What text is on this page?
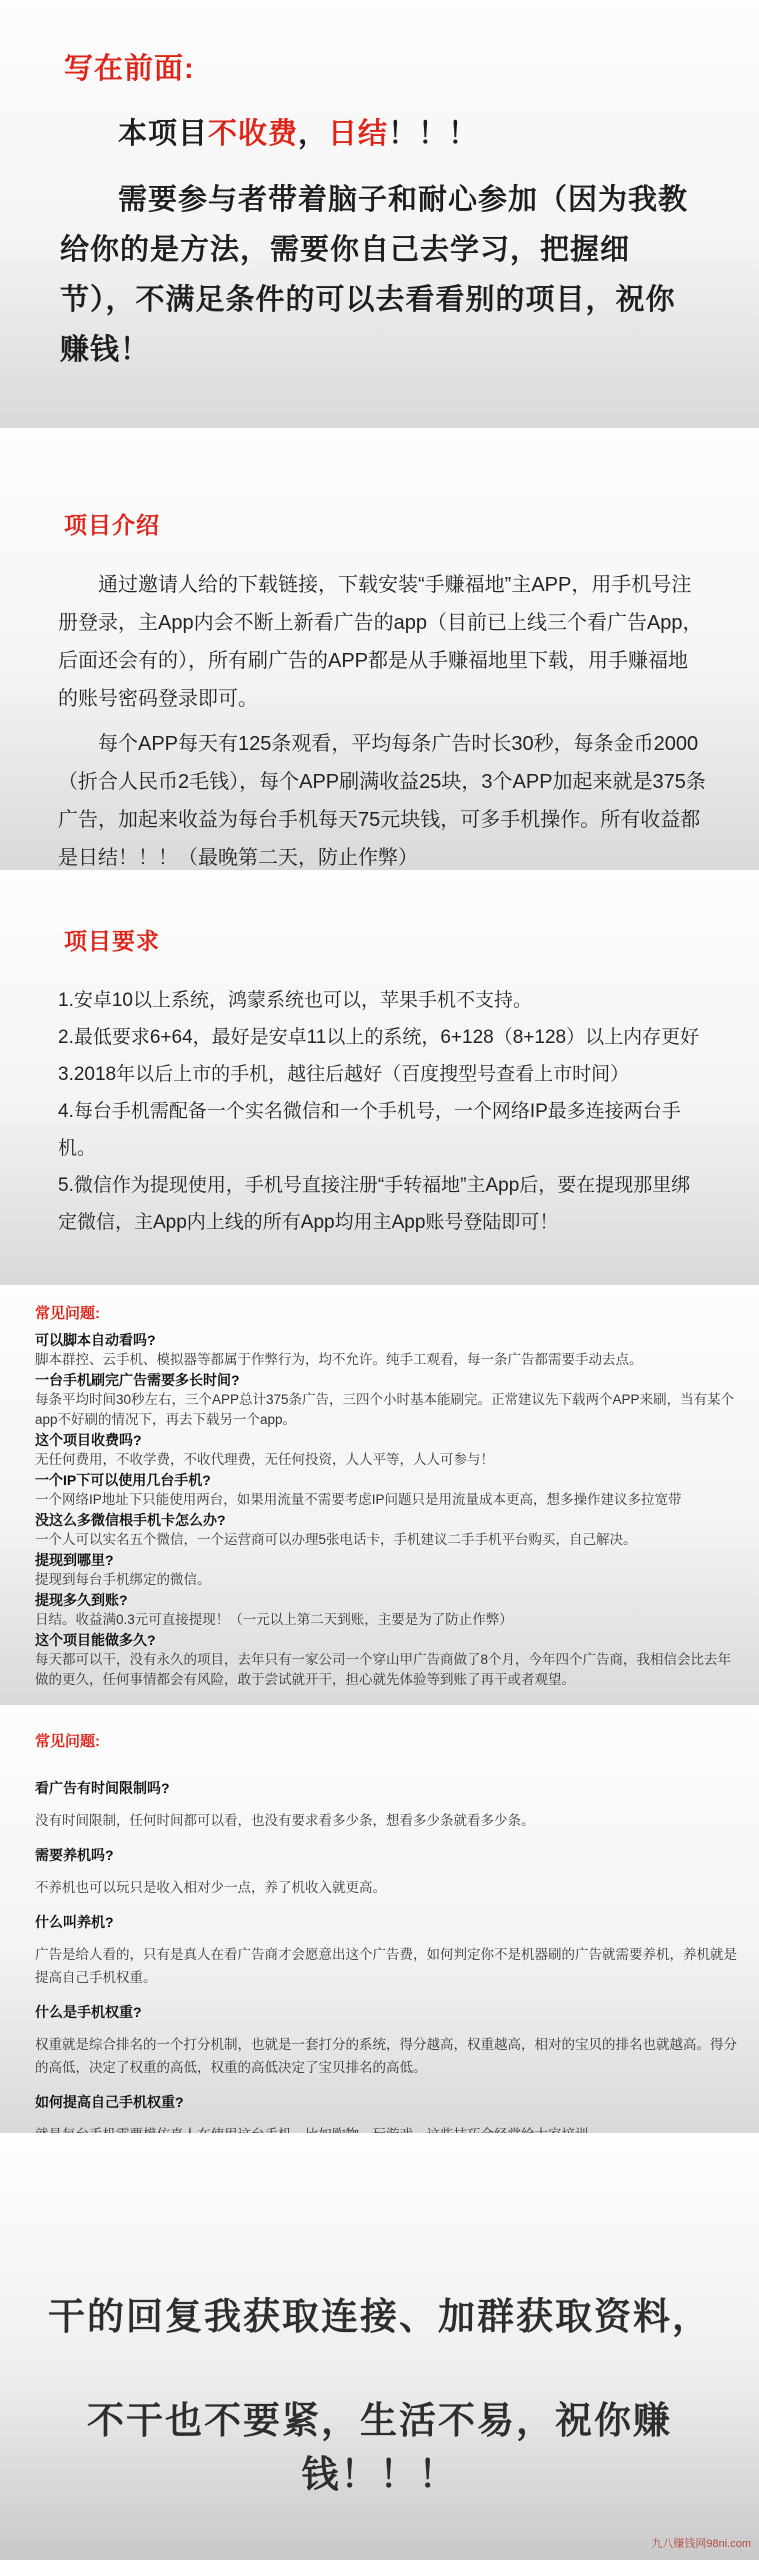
写在前面:

本项目不收费，日结！！！

需要参与者带着脑子和耐心参加（因为我教给你的是方法，需要你自己去学习，把握细节），不满足条件的可以去看看别的项目，祝你赚钱！

项目介绍

通过邀请人给的下载链接，下载安装“手赚福地”主APP，用手机号注册登录，主App内会不断上新看广告的app（目前已上线三个看广告App，后面还会有的），所有刷广告的APP都是从手赚福地里下载，用手赚福地的账号密码登录即可。

每个APP每天有125条观看，平均每条广告时长30秒，每条金币2000（折合人民币2毛钱），每个APP刷满收益25块，3个APP加起来就是375条广告，加起来收益为每台手机每天75元块钱，可多手机操作。所有收益都是日结！！！（最晚第二天，防止作弊）

项目要求
1.安卓10以上系统，鸿蒙系统也可以，苹果手机不支持。
2.最低要求6+64，最好是安卓11以上的系统，6+128（8+128）以上内存更好
3.2018年以后上市的手机，越往后越好（百度搜型号查看上市时间）
4.每台手机需配备一个实名微信和一个手机号，一个网络IP最多连接两台手机。
5.微信作为提现使用，手机号直接注册“手转福地”主App后，要在提现那里绑定微信，主App内上线的所有App均用主App账号登陆即可！
常见问题:

可以脚本自动看吗?

脚本群控、云手机、模拟器等都属于作弊行为，均不允许。纯手工观看，每一条广告都需要手动去点。

一台手机刷完广告需要多长时间?

每条平均时间30秒左右，三个APP总计375条广告，三四个小时基本能刷完。正常建议先下载两个APP来刷，当有某个app不好刷的情况下，再去下载另一个app。

这个项目收费吗?

无任何费用，不收学费，不收代理费，无任何投资，人人平等，人人可参与！

一个IP下可以使用几台手机?

一个网络IP地址下只能使用两台，如果用流量不需要考虑IP问题只是用流量成本更高，想多操作建议多拉宽带

没这么多微信根手机卡怎么办?

一个人可以实名五个微信，一个运营商可以办理5张电话卡，手机建议二手手机平台购买，自己解决。

提现到哪里?

提现到每台手机绑定的微信。

提现多久到账?

日结。收益满0.3元可直接提现！（一元以上第二天到账，主要是为了防止作弊）

这个项目能做多久?

每天都可以干，没有永久的项目，去年只有一家公司一个穿山甲广告商做了8个月，今年四个广告商，我相信会比去年做的更久，任何事情都会有风险，敢于尝试就开干，担心就先体验等到账了再干或者观望。

常见问题:

看广告有时间限制吗?

没有时间限制，任何时间都可以看，也没有要求看多少条，想看多少条就看多少条。

需要养机吗?

不养机也可以玩只是收入相对少一点，养了机收入就更高。

什么叫养机?

广告是给人看的，只有是真人在看广告商才会愿意出这个广告费，如何判定你不是机器刷的广告就需要养机，养机就是提高自己手机权重。

什么是手机权重?

权重就是综合排名的一个打分机制，也就是一套打分的系统，得分越高，权重越高，相对的宝贝的排名也就越高。得分的高低，决定了权重的高低，权重的高低决定了宝贝排名的高低。

如何提高自己手机权重?

干的回复我获取连接、加群获取资料，

不干也不要紧，生活不易，祝你赚钱！！！

九八赚钱网98ni.com
